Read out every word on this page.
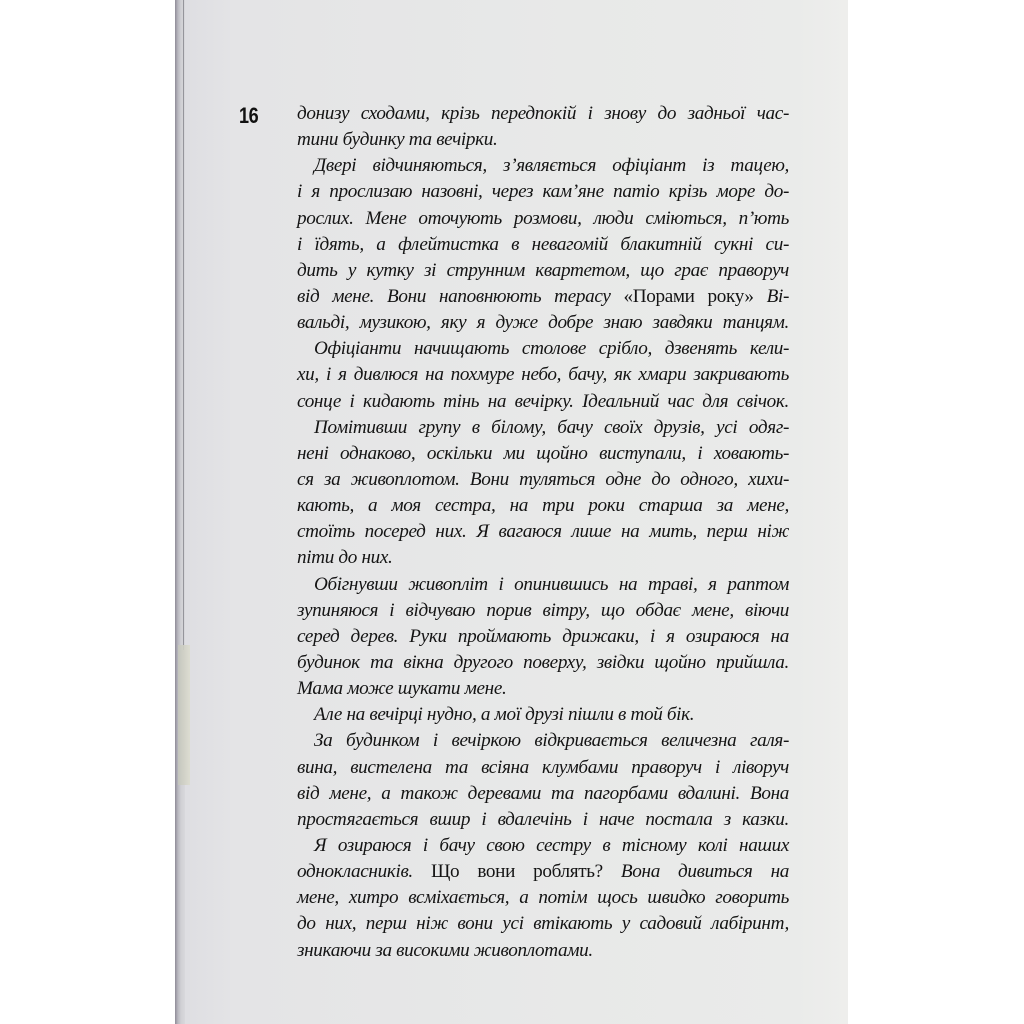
16 донизу сходами, крізь передпокій і знову до задньої час-
тини будинку та вечірки.
Двері відчиняються, з’являється офіціант із тацею,
і я прослизаю назовні, через кам’яне патіо крізь море до-
рослих. Мене оточують розмови, люди сміються, п’ють
і їдять, а флейтистка в невагомій блакитній сукні си-
дить у кутку зі струнним квартетом, що грає праворуч
від мене. Вони наповнюють терасу «Порами року» Ві-
вальді, музикою, яку я дуже добре знаю завдяки танцям.
Офіціанти начищають столове срібло, дзвенять кели-
хи, і я дивлюся на похмуре небо, бачу, як хмари закривають
сонце і кидають тінь на вечірку. Ідеальний час для свічок.
Помітивши групу в білому, бачу своїх друзів, усі одяг-
нені однаково, оскільки ми щойно виступали, і ховають-
ся за живоплотом. Вони туляться одне до одного, хихи-
кають, а моя сестра, на три роки старша за мене,
стоїть посеред них. Я вагаюся лише на мить, перш ніж
піти до них.
Обігнувши живопліт і опинившись на траві, я раптом
зупиняюся і відчуваю порив вітру, що обдає мене, віючи
серед дерев. Руки проймають дрижаки, і я озираюся на
будинок та вікна другого поверху, звідки щойно прийшла.
Мама може шукати мене.
Але на вечірці нудно, а мої друзі пішли в той бік.
За будинком і вечіркою відкривається величезна галя-
вина, вистелена та всіяна клумбами праворуч і ліворуч
від мене, а також деревами та пагорбами вдалині. Вона
простягається вшир і вдалечінь і наче постала з казки.
Я озираюся і бачу свою сестру в тісному колі наших
однокласників. Що вони роблять? Вона дивиться на
мене, хитро всміхається, а потім щось швидко говорить
до них, перш ніж вони усі втікають у садовий лабіринт,
зникаючи за високими живоплотами.
